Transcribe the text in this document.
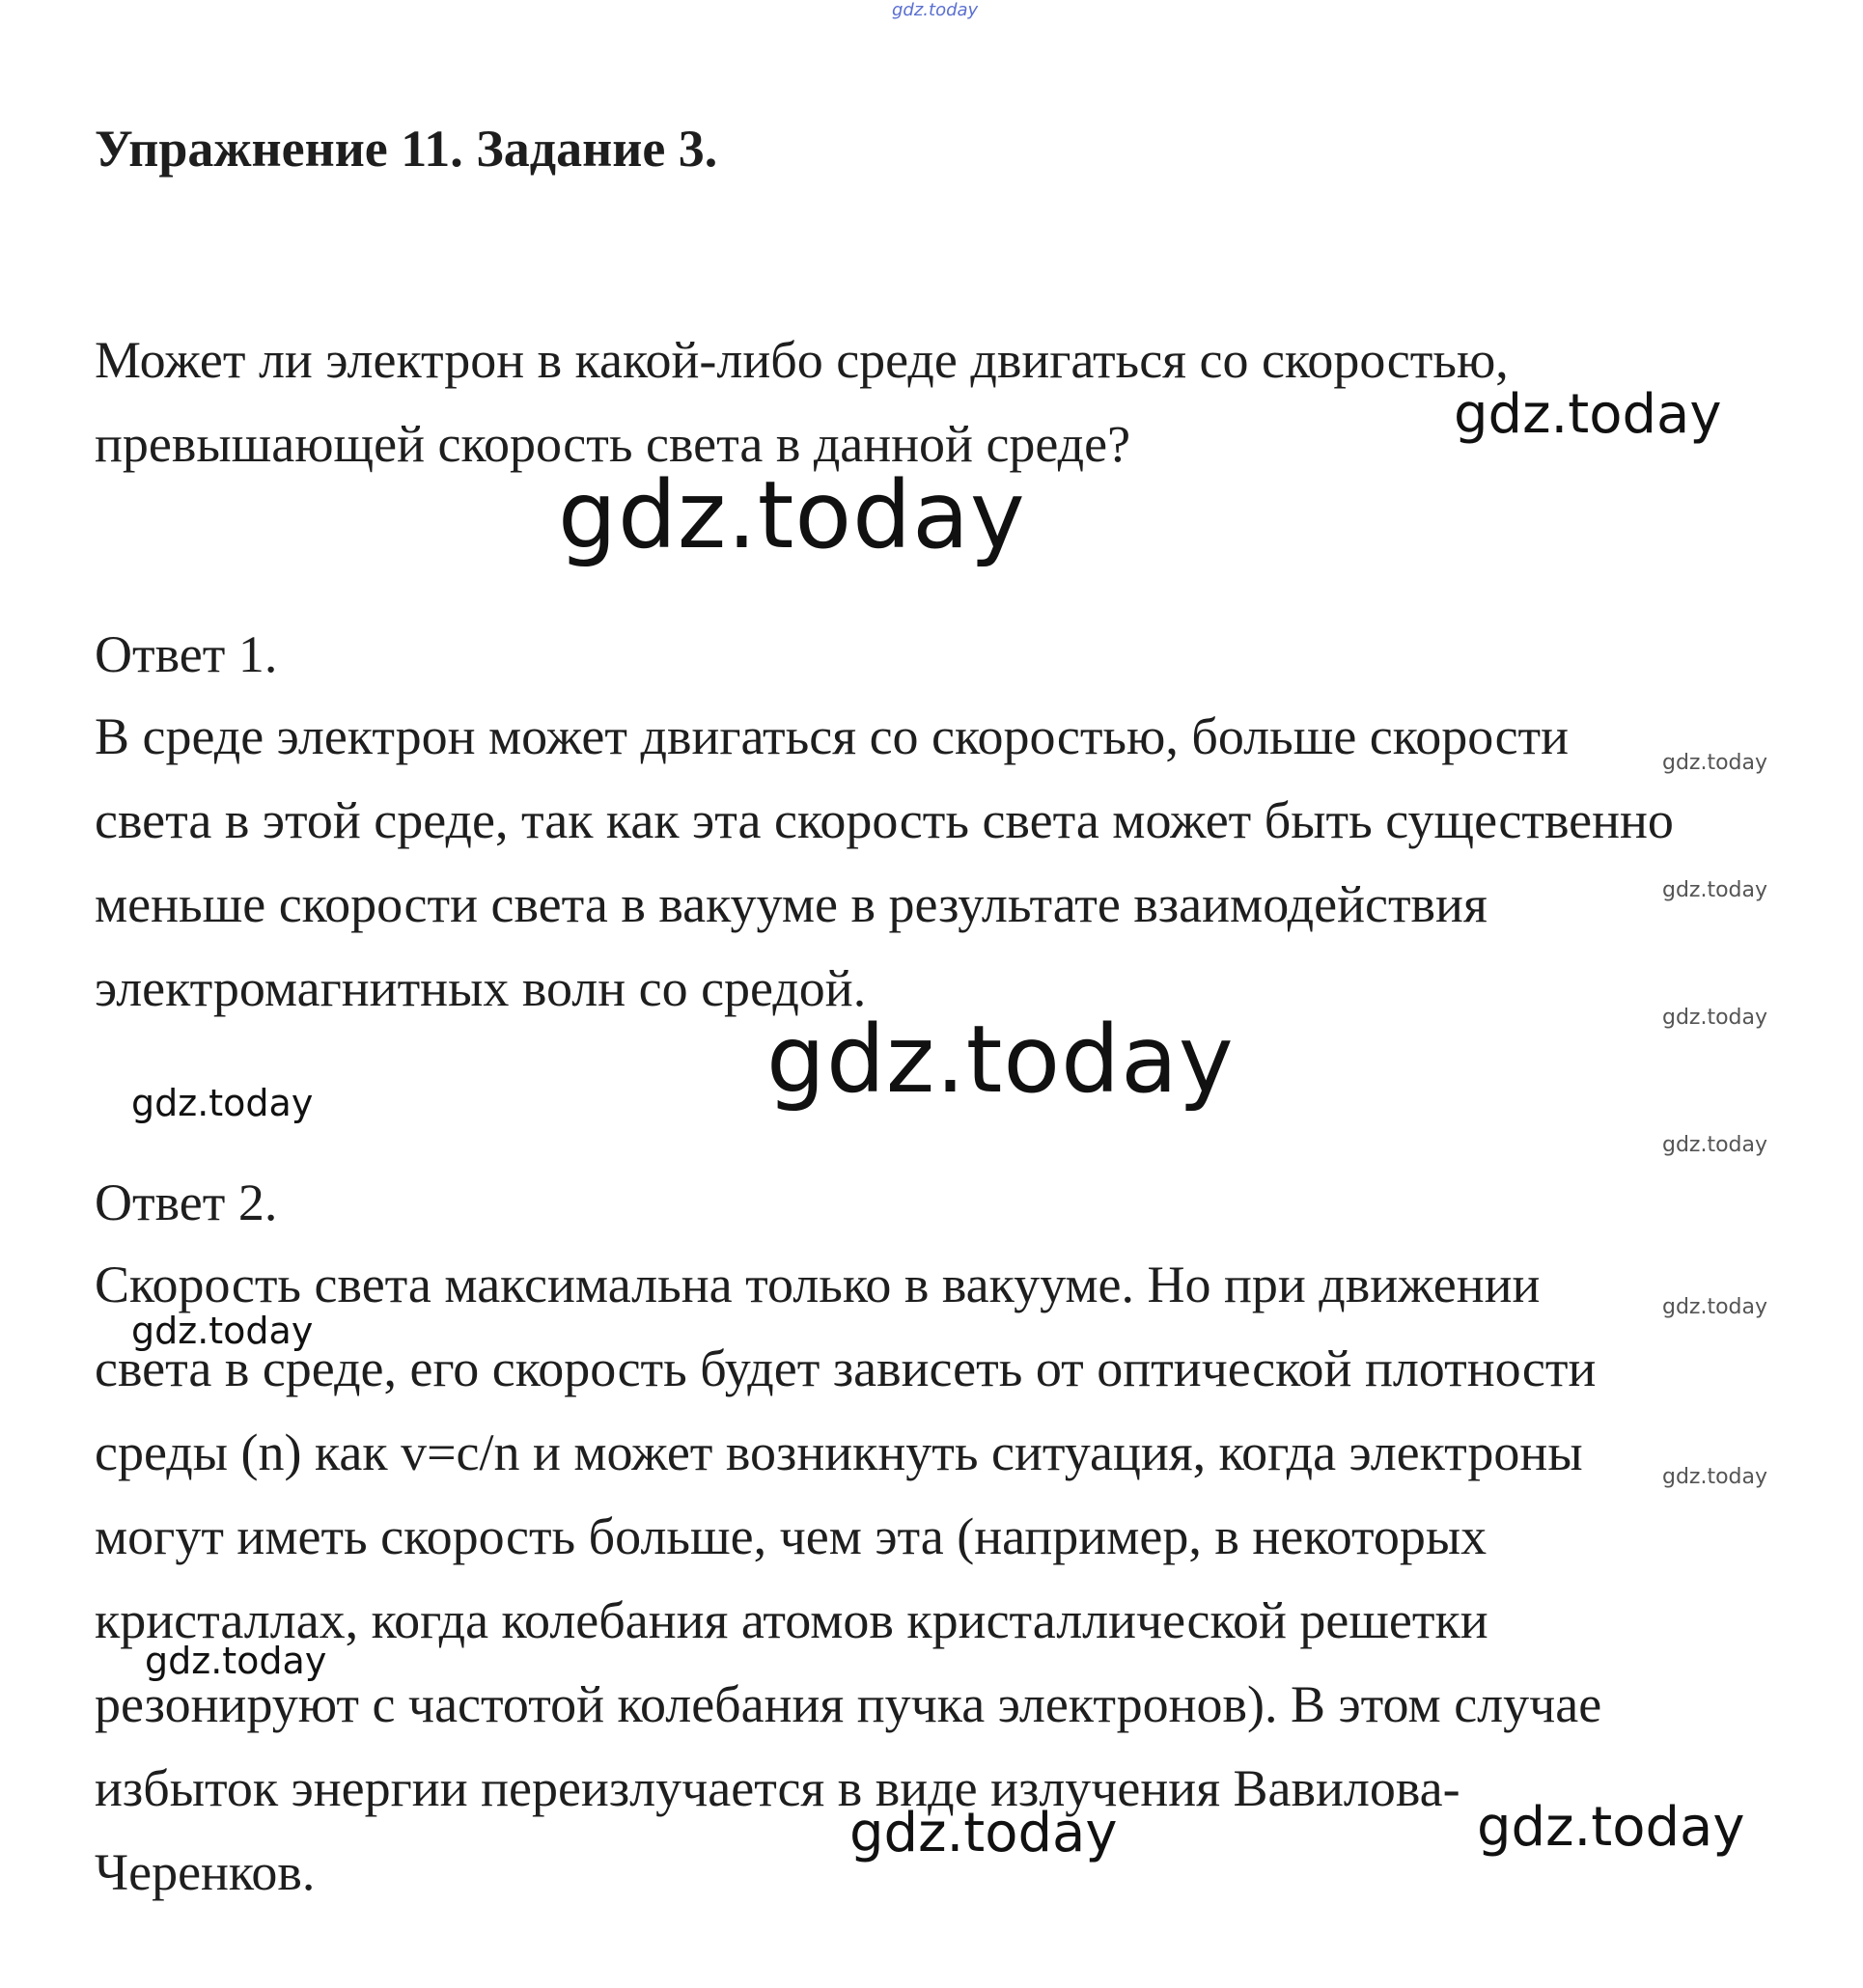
Упражнение 11. Задание 3.

Может ли электрон в какой-либо среде двигаться со скоростью,
превышающей скорость света в данной среде?

Ответ 1.

В среде электрон может двигаться со скоростью, больше скорости
света в этой среде, так как эта скорость света может быть существенно
меньше скорости света в вакууме в результате взаимодействия
электромагнитных волн со средой.

Ответ 2.

Скорость света максимальна только в вакууме. Но при движении
света в среде, его скорость будет зависеть от оптической плотности
среды (n) как v=c/n и может возникнуть ситуация, когда электроны
могут иметь скорость больше, чем эта (например, в некоторых
кристаллах, когда колебания атомов кристаллической решетки
резонируют с частотой колебания пучка электронов). В этом случае
избыток энергии переизлучается в виде излучения Вавилова-
Черенков.

gdz.today
gdz.today
gdz.today
gdz.today
gdz.today
gdz.today
gdz.today
gdz.today
gdz.today
gdz.today
gdz.today
gdz.today
gdz.today
gdz.today	gdz.today
